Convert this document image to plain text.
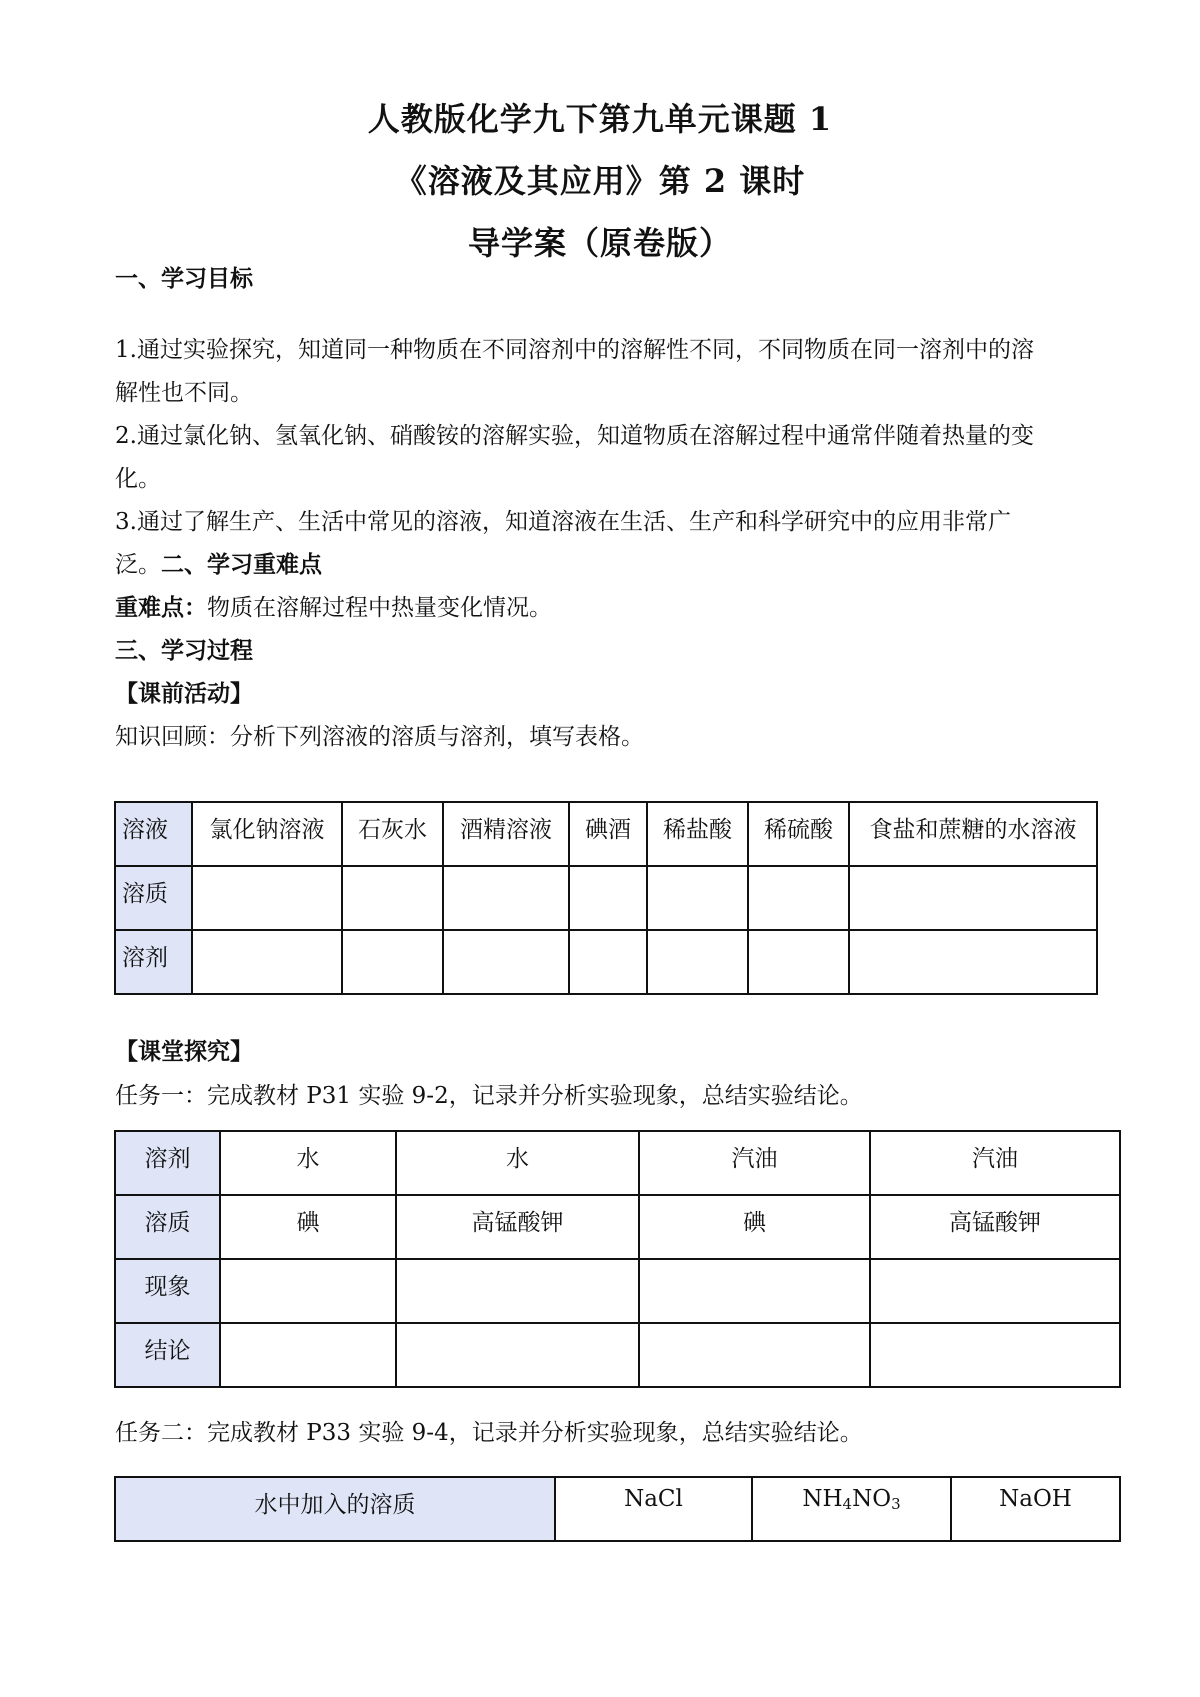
人教版化学九下第九单元课题 1
《溶液及其应用》第 2 课时
导学案（原卷版）
一、学习目标
1.通过实验探究，知道同一种物质在不同溶剂中的溶解性不同，不同物质在同一溶剂中的溶
解性也不同。
2.通过氯化钠、氢氧化钠、硝酸铵的溶解实验，知道物质在溶解过程中通常伴随着热量的变
化。
3.通过了解生产、生活中常见的溶液，知道溶液在生活、生产和科学研究中的应用非常广
泛。二、学习重难点
重难点：物质在溶解过程中热量变化情况。
三、学习过程
【课前活动】
知识回顾：分析下列溶液的溶质与溶剂，填写表格。
溶液	氯化钠溶液	石灰水	酒精溶液	碘酒	稀盐酸	稀硫酸	食盐和蔗糖的水溶液
溶质							
溶剂							
【课堂探究】
任务一：完成教材 P31 实验 9-2，记录并分析实验现象，总结实验结论。
溶剂	水	水	汽油	汽油
溶质	碘	高锰酸钾	碘	高锰酸钾
现象				
结论				
任务二：完成教材 P33 实验 9-4，记录并分析实验现象，总结实验结论。
水中加入的溶质	NaCl	$NH_4NO_3$	NaOH
